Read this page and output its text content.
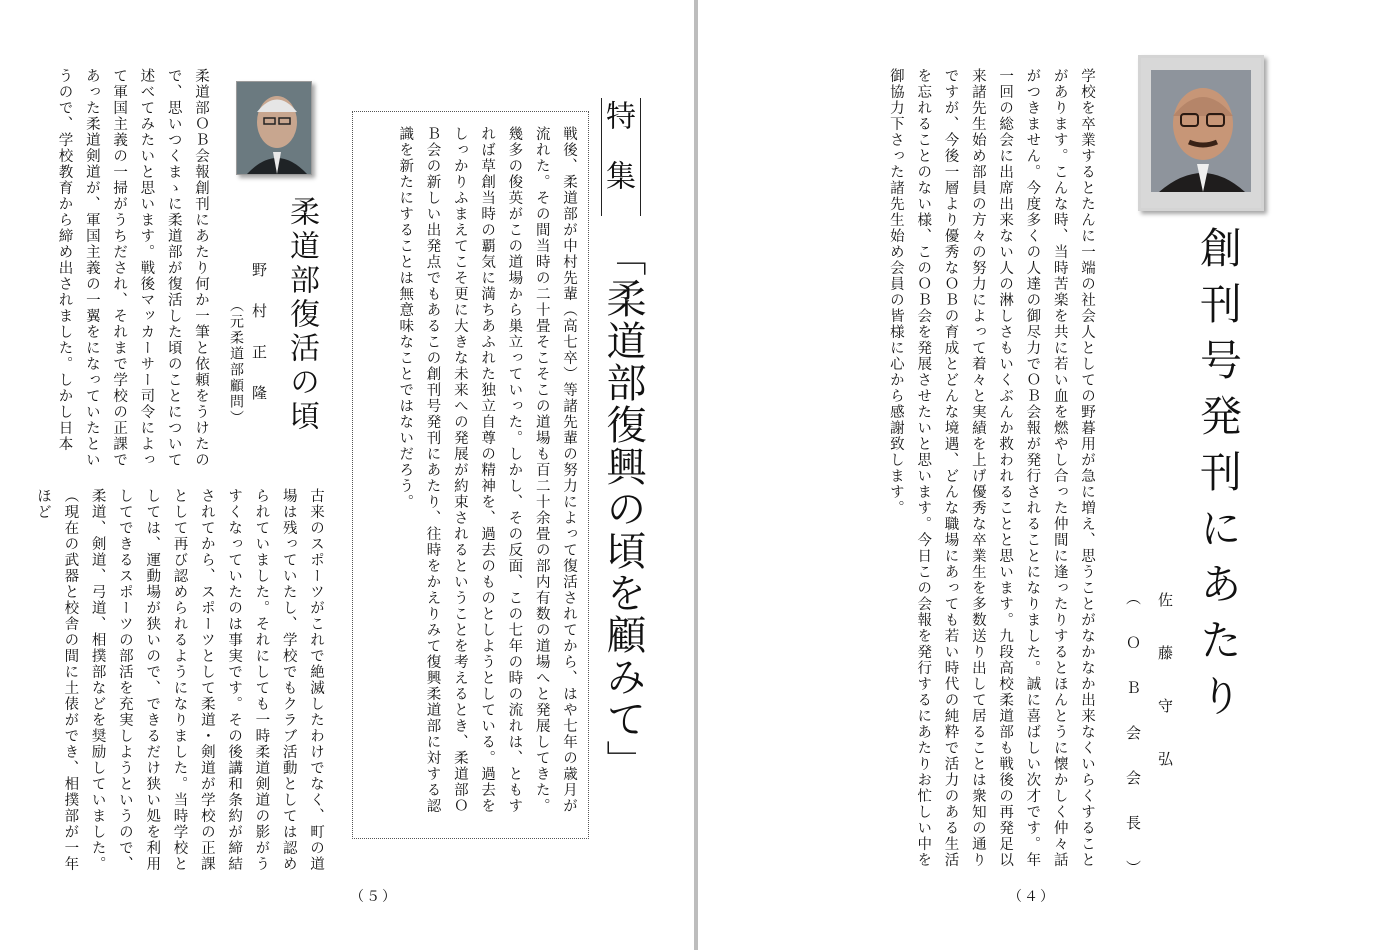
古来のスポーツがこれで絶滅したわけでなく、町の道場は残っていたし、学校でもクラブ活動としては認められていました。それにしても一時柔道剣道の影がうすくなっていたのは事実です。その後講和条約が締結されてから、スポーツとして柔道・剣道が学校の正課として再び認められるようになりました。当時学校としては、運動場が狭いので、できるだけ狭い処を利用してできるスポーツの部活を充実しようというので、柔道、剣道、弓道、相撲部などを奨励していました。（現在の武器と校舎の間に土俵ができ、相撲部が一年ほど

柔道部ＯＢ会報創刊にあたり何か一筆と依頼をうけたので、思いつくまゝに柔道部が復活した頃のことについて述べてみたいと思います。戦後マッカーサー司令によって軍国主義の一掃がうちだされ、それまで学校の正課であった柔道剣道が、軍国主義の一翼をになっていたというので、学校教育から締め出されました。しかし日本	柔道部復活の頃
野村正隆
（元柔道部顧問）	戦後、柔道部が中村先輩（高七卒）等諸先輩の努力によって復活されてから、はや七年の歳月が流れた。その間当時の二十畳そこそこの道場も百二十余畳の部内有数の道場へと発展してきた。幾多の俊英がこの道場から巣立っていった。しかし、その反面、この七年の時の流れは、ともすれば草創当時の覇気に満ちあふれた独立自尊の精神を、過去のものとしようとしている。過去をしっかりふまえてこそ更に大きな未来への発展が約束されるということを考えるとき、柔道部ＯＢ会の新しい出発点でもあるこの創刊号発刊にあたり、往時をかえりみて復興柔道部に対する認識を新たにすることは無意味なことではないだろう。	特集
「柔道部復興の頃を顧みて」
（５）

学校を卒業するとたんに一端の社会人としての野暮用が急に増え、思うことがなかなか出来なくいらくすることがあります。こんな時、当時苦楽を共に若い血を燃やし合った仲間に逢ったりするとほんとうに懐かしく仲々話がつきません。今度多くの人達の御尽力でＯＢ会報が発行されることになりました。誠に喜ばしい次才です。年一回の総会に出席出来ない人の淋しさもいくぶんか救われることと思います。九段高校柔道部も戦後の再発足以来諸先生始め部員の方々の努力によって着々と実績を上げ優秀な卒業生を多数送り出して居ることは衆知の通りですが、今後一層より優秀なＯＢの育成とどんな境遇、どんな職場にあっても若い時代の純粋で活力のある生活を忘れることのない様、このＯＢ会を発展させたいと思います。今日この会報を発行するにあたりお忙しい中を御協力下さった諸先生始め会員の皆様に心から感謝致します。	創刊号発刊にあたり
佐藤守弘
（ＯＢ会会長）
（４）
